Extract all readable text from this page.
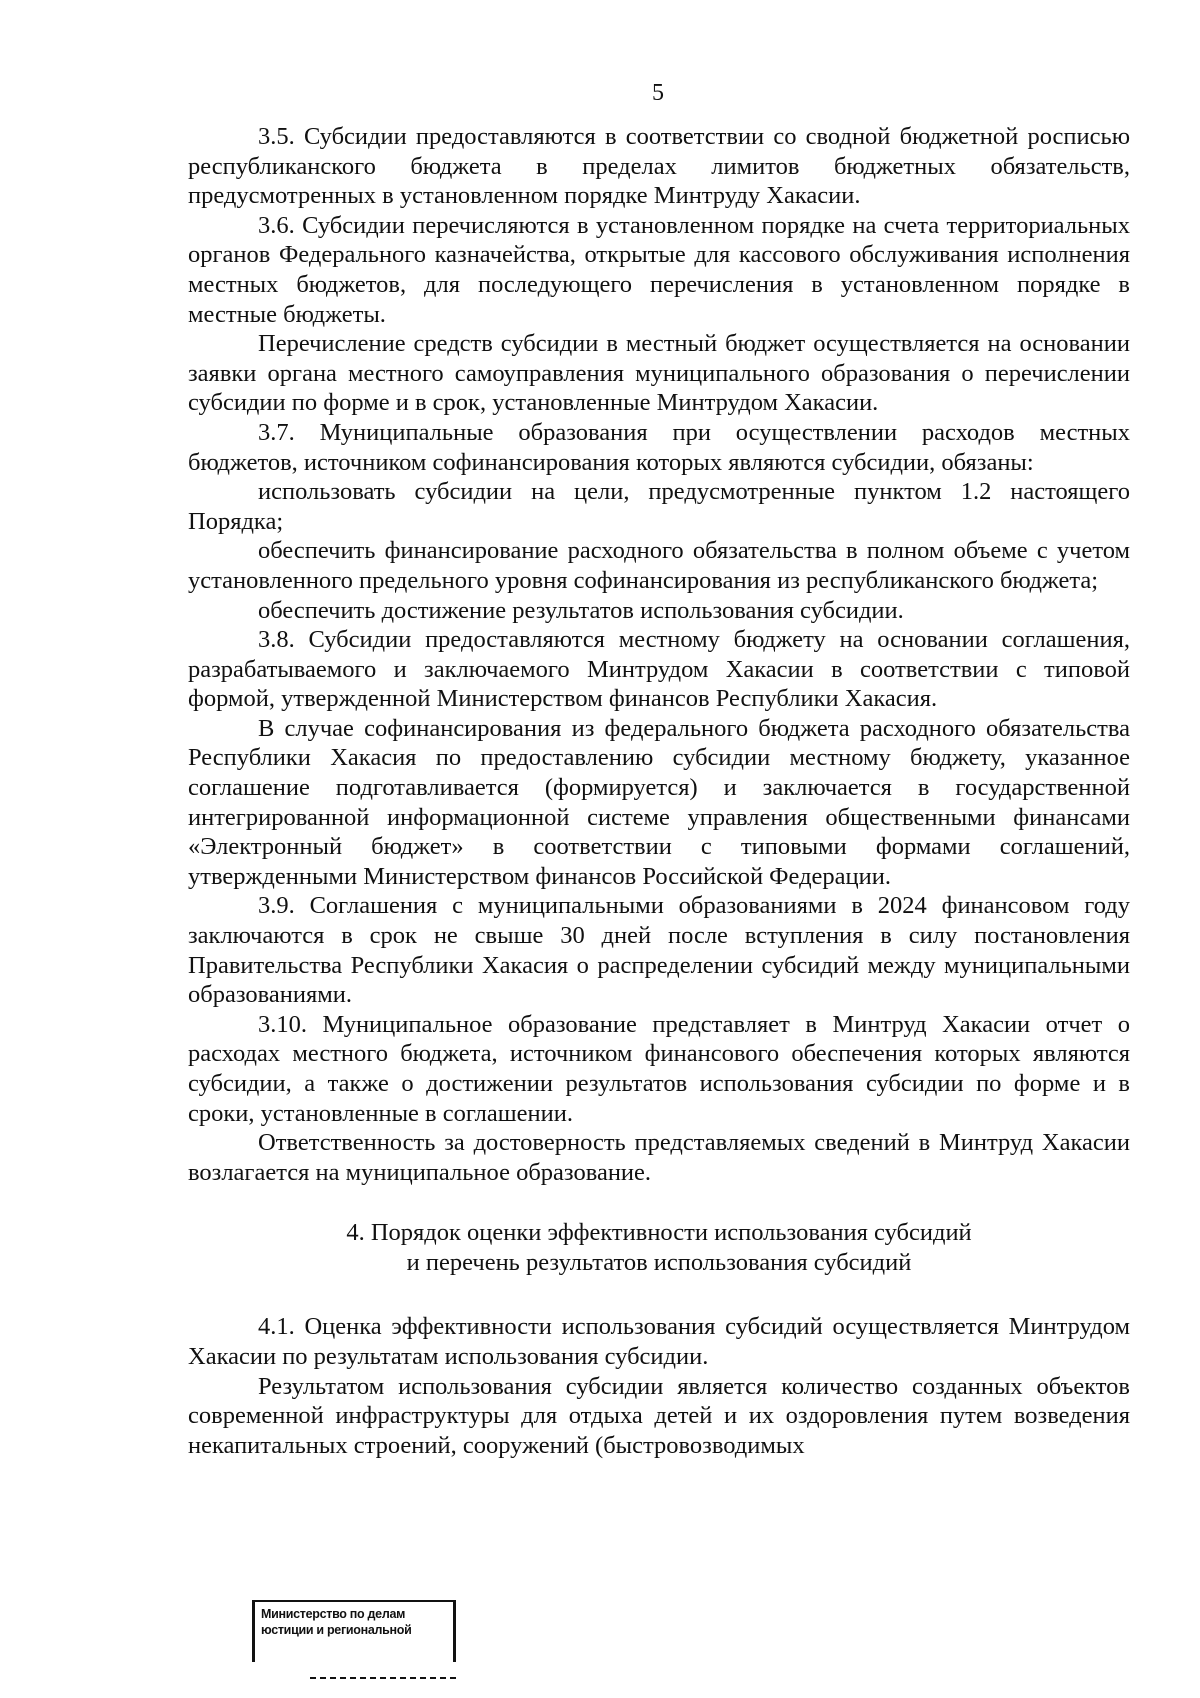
5

3.5. Субсидии предоставляются в соответствии со сводной бюджетной росписью республиканского бюджета в пределах лимитов бюджетных обязательств, предусмотренных в установленном порядке Минтруду Хакасии.

3.6. Субсидии перечисляются в установленном порядке на счета территориальных органов Федерального казначейства, открытые для кассового обслуживания исполнения местных бюджетов, для последующего перечисления в установленном порядке в местные бюджеты.

Перечисление средств субсидии в местный бюджет осуществляется на основании заявки органа местного самоуправления муниципального образования о перечислении субсидии по форме и в срок, установленные Минтрудом Хакасии.

3.7. Муниципальные образования при осуществлении расходов местных бюджетов, источником софинансирования которых являются субсидии, обязаны:

использовать субсидии на цели, предусмотренные пунктом 1.2 настоящего Порядка;

обеспечить финансирование расходного обязательства в полном объеме с учетом установленного предельного уровня софинансирования из республиканского бюджета;

обеспечить достижение результатов использования субсидии.

3.8. Субсидии предоставляются местному бюджету на основании соглашения, разрабатываемого и заключаемого Минтрудом Хакасии в соответствии с типовой формой, утвержденной Министерством финансов Республики Хакасия.

В случае софинансирования из федерального бюджета расходного обязательства Республики Хакасия по предоставлению субсидии местному бюджету, указанное соглашение подготавливается (формируется) и заключается в государственной интегрированной информационной системе управления общественными финансами «Электронный бюджет» в соответствии с типовыми формами соглашений, утвержденными Министерством финансов Российской Федерации.

3.9. Соглашения с муниципальными образованиями в 2024 финансовом году заключаются в срок не свыше 30 дней после вступления в силу постановления Правительства Республики Хакасия о распределении субсидий между муниципальными образованиями.

3.10. Муниципальное образование представляет в Минтруд Хакасии отчет о расходах местного бюджета, источником финансового обеспечения которых являются субсидии, а также о достижении результатов использования субсидии по форме и в сроки, установленные в соглашении.

Ответственность за достоверность представляемых сведений в Минтруд Хакасии возлагается на муниципальное образование.

4. Порядок оценки эффективности использования субсидий
и перечень результатов использования субсидий

4.1. Оценка эффективности использования субсидий осуществляется Минтрудом Хакасии по результатам использования субсидии.

Результатом использования субсидии является количество созданных объектов современной инфраструктуры для отдыха детей и их оздоровления путем возведения некапитальных строений, сооружений (быстровозводимых

Министерство по делам
юстиции и региональной
